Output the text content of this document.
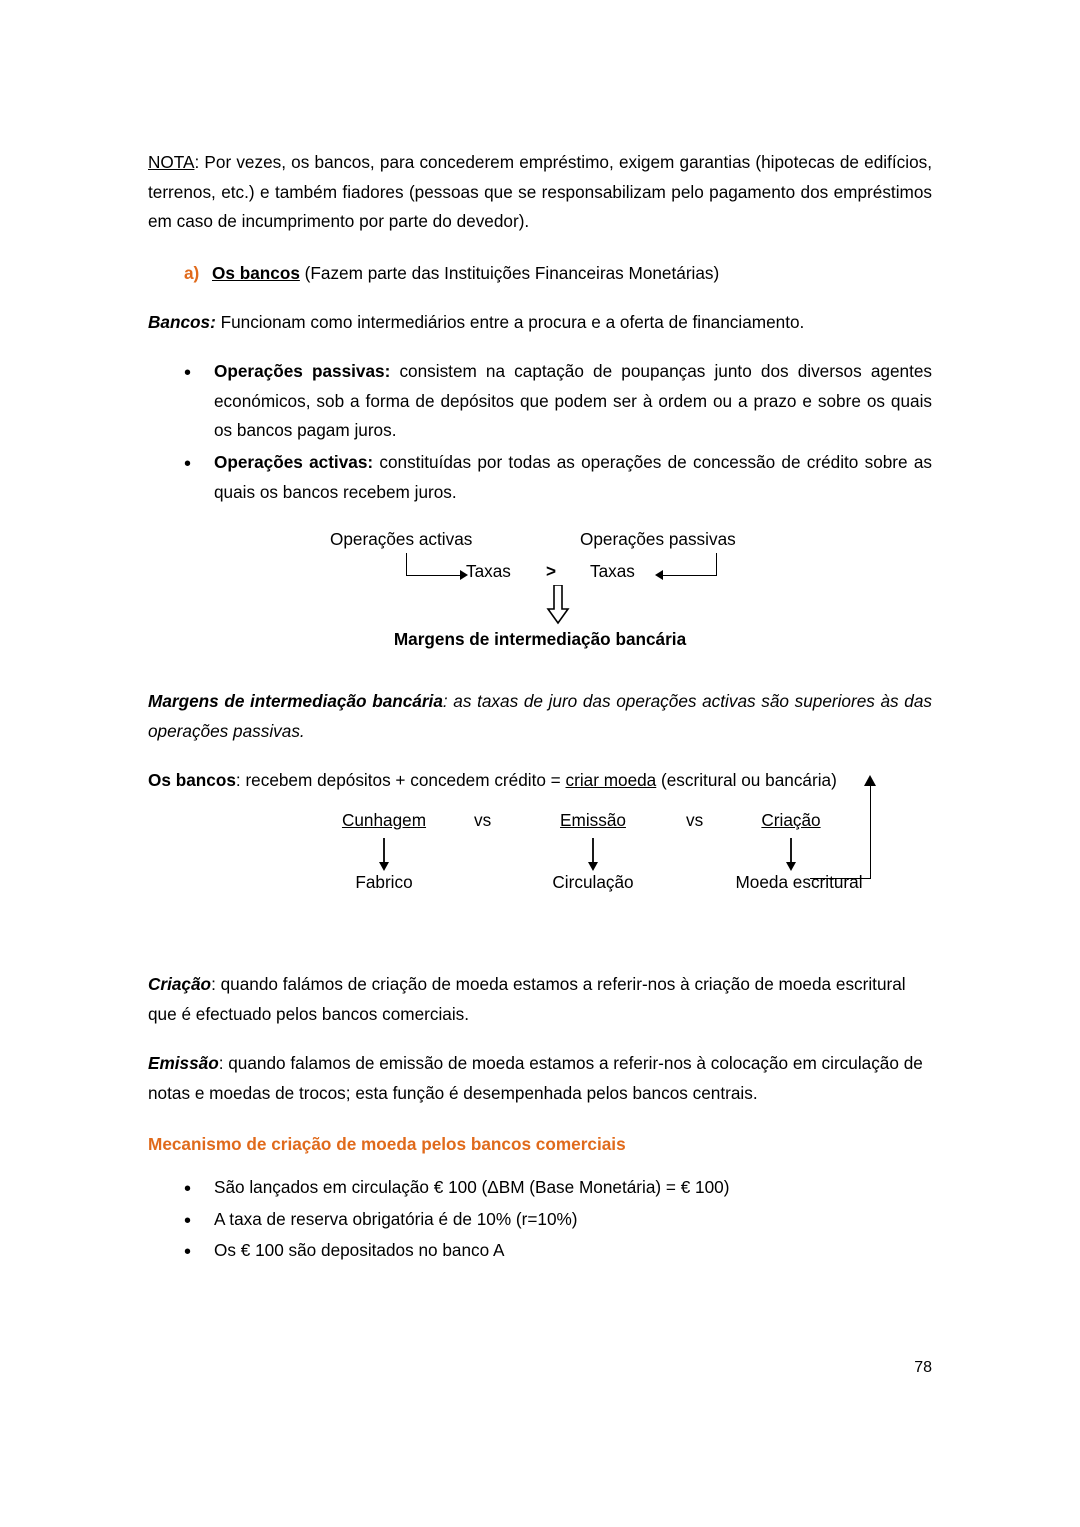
NOTA: Por vezes, os bancos, para concederem empréstimo, exigem garantias (hipotecas de edifícios, terrenos, etc.) e também fiadores (pessoas que se responsabilizam pelo pagamento dos empréstimos em caso de incumprimento por parte do devedor).

a) Os bancos (Fazem parte das Instituições Financeiras Monetárias)

Bancos: Funcionam como intermediários entre a procura e a oferta de financiamento.

• Operações passivas: consistem na captação de poupanças junto dos diversos agentes económicos, sob a forma de depósitos que podem ser à ordem ou a prazo e sobre os quais os bancos pagam juros.
• Operações activas: constituídas por todas as operações de concessão de crédito sobre as quais os bancos recebem juros.
Operações activas	Operações passivas
Taxas > Taxas
Margens de intermediação bancária

Margens de intermediação bancária: as taxas de juro das operações activas são superiores às das operações passivas.

Os bancos: recebem depósitos + concedem crédito = criar moeda (escritural ou bancária)

Cunhagem	vs	Emissão	vs	Criação
Fabrico	Circulação	Moeda escritural

Criação: quando falámos de criação de moeda estamos a referir-nos à criação de moeda escritural que é efectuado pelos bancos comerciais.

Emissão: quando falamos de emissão de moeda estamos a referir-nos à colocação em circulação de notas e moedas de trocos; esta função é desempenhada pelos bancos centrais.

Mecanismo de criação de moeda pelos bancos comerciais
• São lançados em circulação € 100 (ΔBM (Base Monetária) = € 100)
• A taxa de reserva obrigatória é de 10% (r=10%)
• Os € 100 são depositados no banco A
78
